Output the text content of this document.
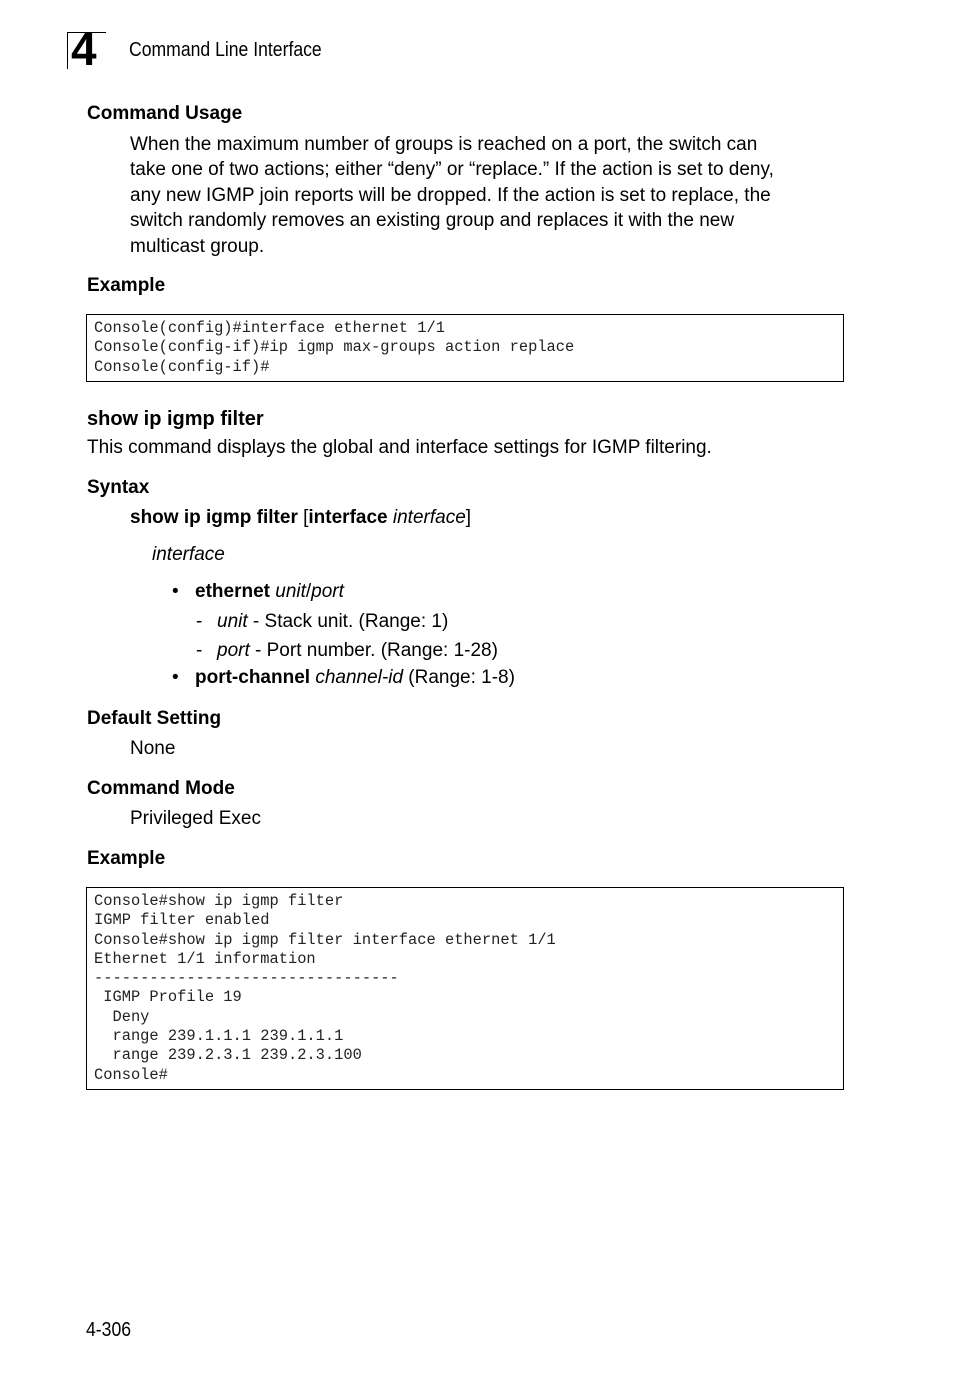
4 Command Line Interface
Command Usage
When the maximum number of groups is reached on a port, the switch can
take one of two actions; either “deny” or “replace.” If the action is set to deny,
any new IGMP join reports will be dropped. If the action is set to replace, the
switch randomly removes an existing group and replaces it with the new
multicast group.
Example
Console(config)#interface ethernet 1/1
Console(config-if)#ip igmp max-groups action replace
Console(config-if)#
show ip igmp filter
This command displays the global and interface settings for IGMP filtering.
Syntax
show ip igmp filter [interface interface]
interface
• ethernet unit/port
- unit - Stack unit. (Range: 1)
- port - Port number. (Range: 1-28)
• port-channel channel-id (Range: 1-8)
Default Setting
None
Command Mode
Privileged Exec
Example
Console#show ip igmp filter
IGMP filter enabled
Console#show ip igmp filter interface ethernet 1/1
Ethernet 1/1 information
---------------------------------
IGMP Profile 19
Deny
range 239.1.1.1 239.1.1.1
range 239.2.3.1 239.2.3.100
Console#
4-306
